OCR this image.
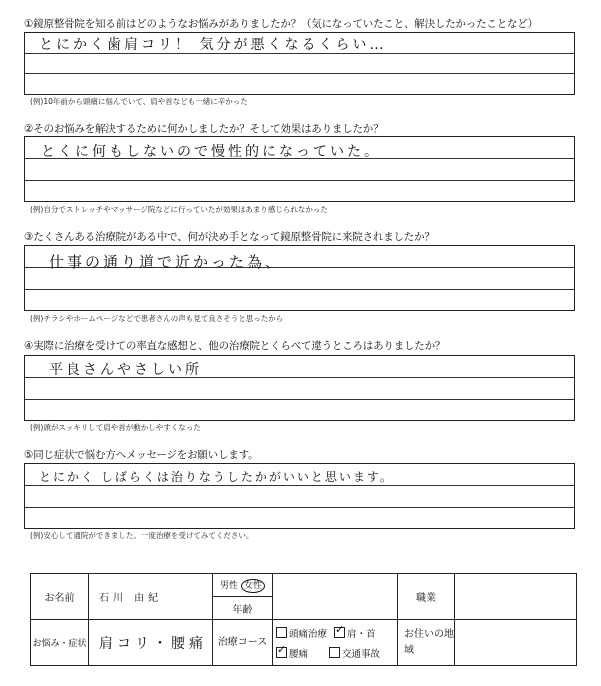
①鏡原整骨院を知る前はどのようなお悩みがありましたか？（気になっていたこと、解決したかったことなど）
とにかく歯肩コリ！ 気分が悪くなるくらい…
(例)10年前から頭痛に悩んでいて、肩や首なども一緒に辛かった
②そのお悩みを解決するために何かしましたか？そして効果はありましたか？
とくに何もしないので慢性的になっていた。
(例)自分でストレッチやマッサージ院などに行っていたが効果はあまり感じられなかった
③たくさんある治療院がある中で、何が決め手となって鏡原整骨院に来院されましたか？
仕事の通り道で近かった為、
(例)チラシやホームページなどで患者さんの声も見て良さそうと思ったから
④実際に治療を受けての率直な感想と、他の治療院とくらべて違うところはありましたか？
平良さんやさしい所
(例)頭がスッキリして肩や首が動かしやすくなった
⑤同じ症状で悩む方へメッセージをお願いします。
とにかく しばらくは治りなうしたかがいいと思います。
(例)安心して通院ができました。一度治療を受けてみてください。
お名前	石川 由紀	男性 女性		職業	
		年齢			
お悩み・症状	肩コリ・腰痛	治療コース	頭痛治療 ✓ 肩・首
✓腰痛 交通事故	お住いの地域	
